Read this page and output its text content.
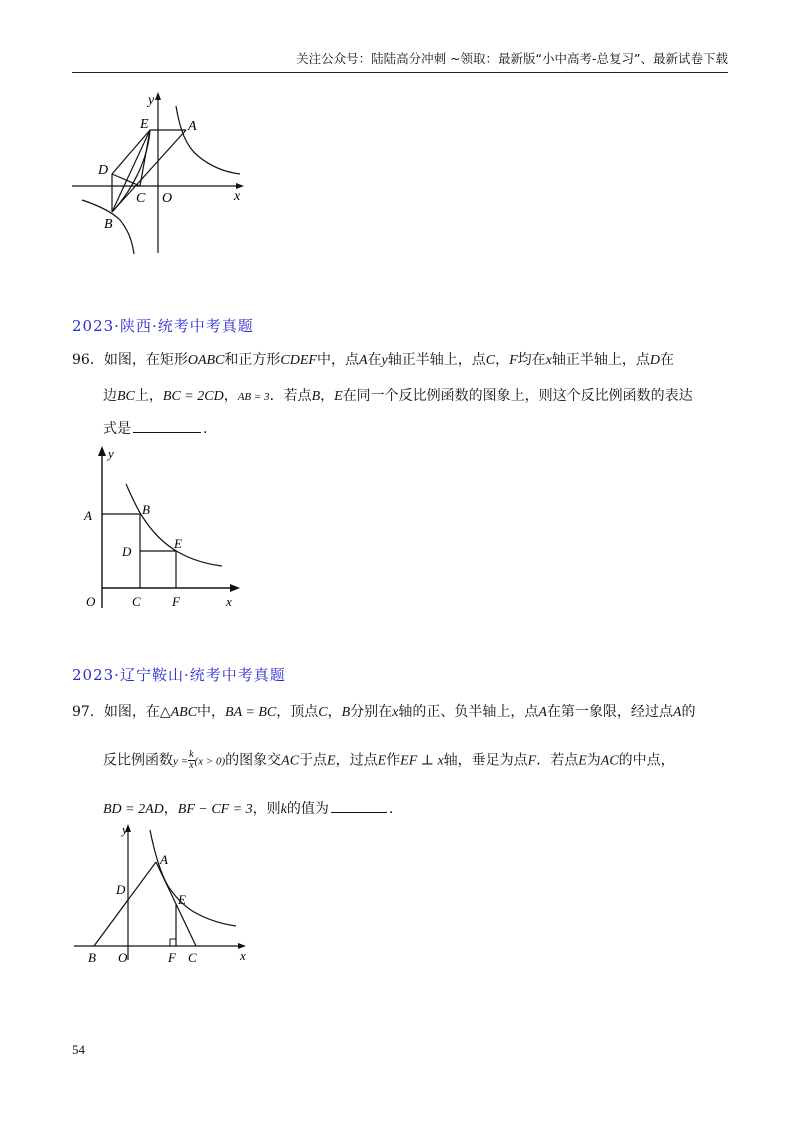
关注公众号：陆陆高分冲刺 ~领取：最新版“小中高考-总复习”、最新试卷下载
y
x
E	A
D
C O
B
2023·陕西·统考中考真题
96．如图，在矩形OABC和正方形CDEF中，点A在y轴正半轴上，点C，F均在x轴正半轴上，点D在
边BC上，BC = 2CD，AB = 3．若点B，E在同一个反比例函数的图象上，则这个反比例函数的表达
式是	.
y
x
A	B
D
E
O	C F
2023·辽宁鞍山·统考中考真题
97．如图，在△ABC中，BA = BC，顶点C，B分别在x轴的正、负半轴上，点A在第一象限，经过点A的
反比例函数$y = \frac{k}{x} (x > 0)$的图象交AC于点E，过点E作EF ⊥ x轴，垂足为点F．若点E为AC的中点，
BD = 2AD，BF − CF = 3，则k的值为	.
y
x
A
D
E
B O	F C
54
